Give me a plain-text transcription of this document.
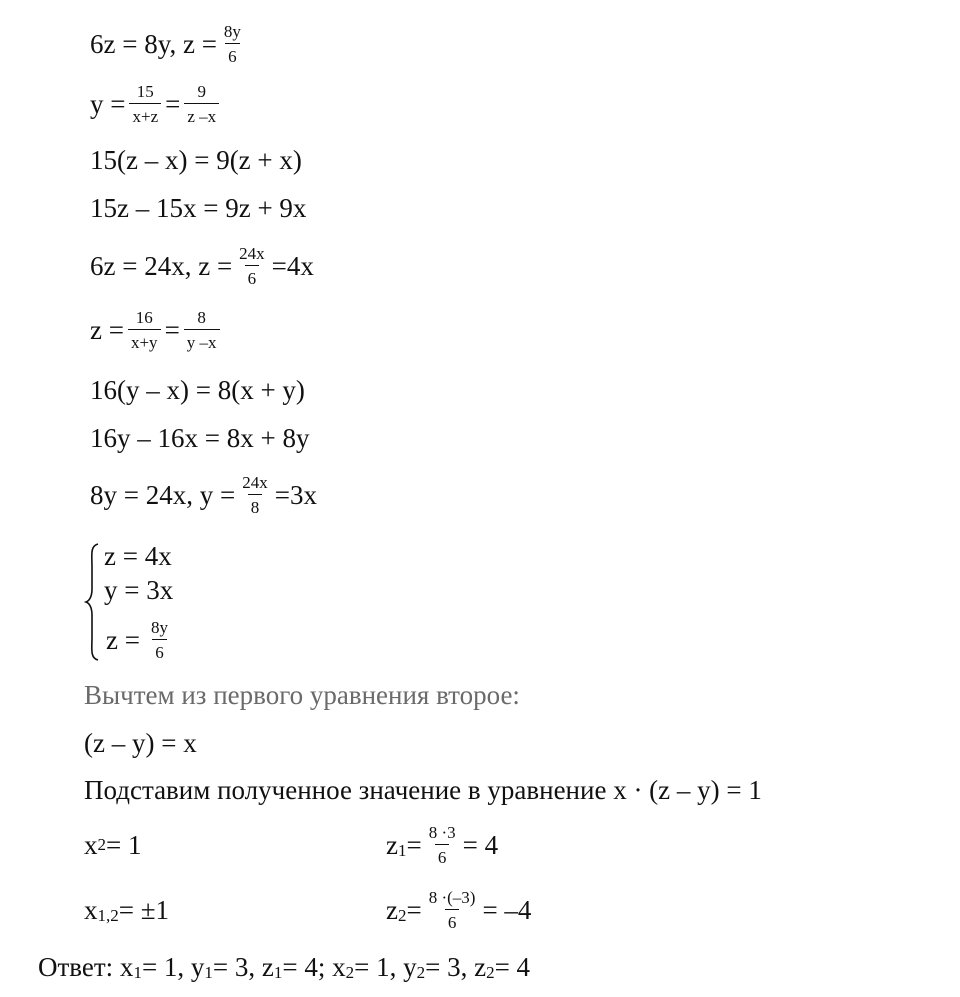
6z = 8y, $z = \frac{8y}{6}$
$y = \frac{15}{x+z} = \frac{9}{z -x}$
15(z – x) = 9(z + x)
15z – 15x = 9z + 9x
6z = 24x, $z = \frac{24x}{6} =4x$
$z = \frac{16}{x+y} = \frac{8}{y -x}$
16(y – x) = 8(x + y)
16y – 16x = 8x + 8y
8y = 24x, $y = \frac{24x}{8} =3x$
z = 4x
y = 3x
$z = \frac{8y}{6}$
Вычтем из первого уравнения второе:
(z – y) = x
Подставим полученное значение в уравнение x · (z – y) = 1
x 2 = 1	z $1 = \frac{8 \cdot 3}{6} = 4$
x 1,2 = ±1	z $2 = \frac{8 \cdot(-3)}{6} = -4$
Ответ: x 1 = 1, y 1 = 3, z 1 = 4; x 2 = 1, y 2 = 3, z 2 = 4
